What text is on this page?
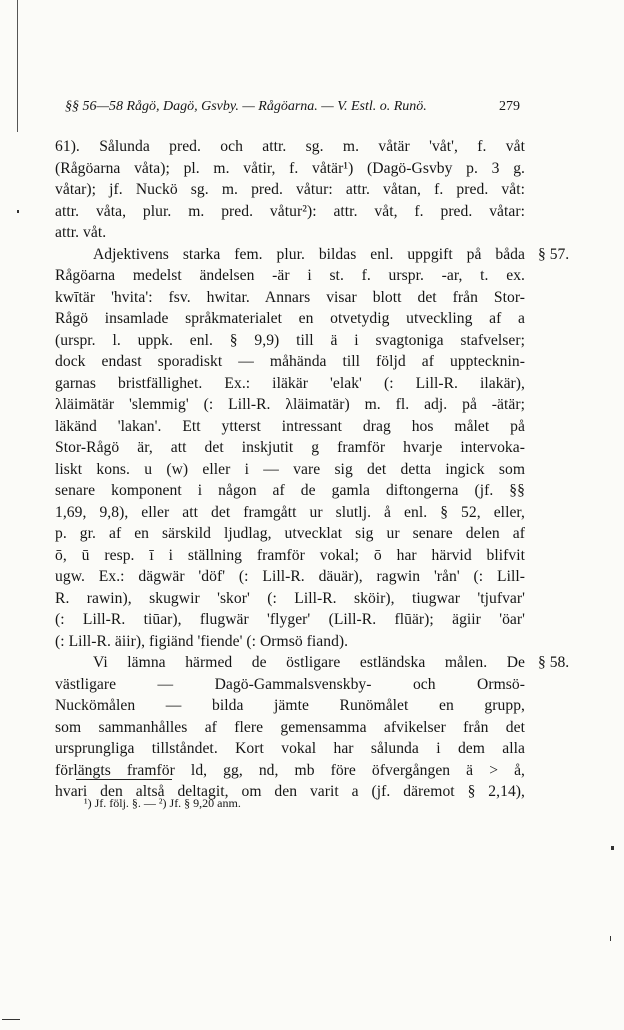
§§ 56—58 Rågö, Dagö, Gsvby. — Rågöarna. — V. Estl. o. Runö.	279
61). Sålunda pred. och attr. sg. m. våtär 'våt', f. våt
(Rågöarna våta); pl. m. våtir, f. våtär¹) (Dagö-Gsvby p. 3 g.
våtar); jf. Nuckö sg. m. pred. våtur: attr. våtan, f. pred. våt:
attr. våta, plur. m. pred. våtur²): attr. våt, f. pred. våtar:
attr. våt.
Adjektivens starka fem. plur. bildas enl. uppgift på båda
Rågöarna medelst ändelsen -är i st. f. urspr. -ar, t. ex.
kwītär 'hvita': fsv. hwitar. Annars visar blott det från Stor-
Rågö insamlade språkmaterialet en otvetydig utveckling af a
(urspr. l. uppk. enl. § 9,9) till ä i svagtoniga stafvelser;
dock endast sporadiskt — måhända till följd af upptecknin-
garnas bristfällighet. Ex.: iläkär 'elak' (: Lill-R. ilakär),
λläimätär 'slemmig' (: Lill-R. λläimatär) m. fl. adj. på -ätär;
läkänd 'lakan'. Ett ytterst intressant drag hos målet på
Stor-Rågö är, att det inskjutit g framför hvarje intervoka-
liskt kons. u (w) eller i — vare sig det detta ingick som
senare komponent i någon af de gamla diftongerna (jf. §§
1,69, 9,8), eller att det framgått ur slutlj. å enl. § 52, eller,
p. gr. af en särskild ljudlag, utvecklat sig ur senare delen af
ō, ū resp. ī i ställning framför vokal; ō har härvid blifvit
ugw. Ex.: dägwär 'döf' (: Lill-R. däuär), ragwin 'rån' (: Lill-
R. rawin), skugwir 'skor' (: Lill-R. sköir), tiugwar 'tjufvar'
(: Lill-R. tiūar), flugwär 'flyger' (Lill-R. flūär); ägiir 'öar'
(: Lill-R. äiir), figiänd 'fiende' (: Ormsö fiand).
Vi lämna härmed de östligare estländska målen. De
västligare — Dagö-Gammalsvenskby- och Ormsö-
Nuckömålen — bilda jämte Runömålet en grupp,
som sammanhålles af flere gemensamma afvikelser från det
ursprungliga tillståndet. Kort vokal har sålunda i dem alla
förlängts framför ld, gg, nd, mb före öfvergången ä > å,
hvari den altså deltagit, om den varit a (jf. däremot § 2,14),
§ 57.
§ 58.
¹) Jf. följ. §. — ²) Jf. § 9,20 anm.
